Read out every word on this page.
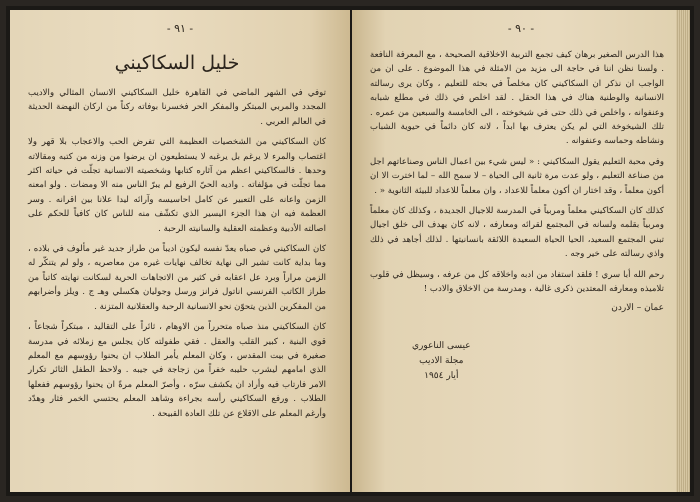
- ٩١ -
خليل السكاكيني

توفي في الشهر الماضي في القاهرة خليل السكاكيني الانسان المثالي والاديب المجدد والمربي المبتكر والمفكر الحر فخسرنا بوفاته ركناً من اركان النهضة الحديثة في العالم العربي .

كان السكاكيني من الشخصيات العظيمة التي تفرض الحب والاعجاب بلا قهر ولا اغتصاب والمرء لا يرغم بل يرغبه لا يستطيعون ان يرضوا من وزنه من كتبه ومقالاته وحدها . فالسكاكيني اعظم من آثاره كتابها وشخصيته الانسانية تجلّت في حياته اكثر مما تجلّت في مؤلفاته . واديه الحيّ الرفيع لم يبرّ الناس منه الا ومضات . ولو امعنه الزمن واعانه على التعبير عن كامل احاسيسه وآرائه ليدا علانا بين اقرانه . وسر العظمة فيه ان هذا الجزء اليسير الذي تكشّف منه للناس كان كافياً للحكم على اصالته الأدبية وعظمته العقلية والسانيته الرحبة .

كان السكاكيني في صباه يعدّ نفسه ليكون اديباً من طراز جديد غير مألوف في بلاده ، وما بداية كانت تشير الى نهاية تخالف نهايات غيره من معاصريه ، ولو لم يتنكّر له الزمن مراراً وبرد عل اعقابه في كثير من الاتجاهات الحرية لسكانت نهايته كاتباً من طراز الكاتب الفرنسي اناتول فرانز ورسل وجوليان هكسلي وهـ ج . ويلز وأضرابهم من المفكرين الذين يتحوّن نحو الانسانية الرحبة والعقلانية المتزنة .

كان السكاكيني منذ صباه متحرراً من الاوهام ، ثائراً على التقاليد ، مبتكراً شجاعاً ، قوي البنية ، كبير القلب والعقل . فقي طفولته كان يجلس مع زملائه في مدرسة صغيرة في بيت المقدس ، وكان المعلم يأمر الطلاب ان يحنوا رؤوسهم مع المعلم الذي امامهم ليشرب حليبه خفراً من زجاجة في جيبه . ولاحظ الطفل الثائر تكرار الامر فارتاب فيه وأراد ان يكشف سرّه ، وأصرّ المعلم مرةً ان يحنوا رؤوسهم ففعلها الطلاب . ورفع السكاكيني رأسه بجراءة وشاهد المعلم يحتسي الخمر فثار وهدّد وأرغم المعلم على الاقلاع عن تلك العادة القبيحة .

- ٩٠ -

هذا الدرس الصغير برهان كيف تجمع التربية الاخلاقية الصحيحة ، مع المعرفة النافعة . ولسنا نظن اننا في حاجة الى مزيد من الامثلة في هذا الموضوع . على ان من الواجب ان نذكر ان السكاكيني كان مخلصاً في بحثه للتعليم ، وكان يرى رسالته الانسانية والوطنية هناك في هذا الحقل . لقد اخلص في ذلك في مطلع شبابه وعنفوانه ، واخلص في ذلك حتى في شيخوخته ، الى الخامسة والسبعين من عمره . تلك الشيخوخة التي لم يكن يعترف بها ابداً ، لانه كان دائماً في حيوية الشباب ونشاطه وحماسه وعنفوانه .

وفي محبة التعليم يقول السكاكيني : « ليس شيء بين اعمال الناس وصناعاتهم اجل من صناعة التعليم ، ولو عدت مرة ثانية الى الحياة – لا سمح الله – لما اخترت الا ان أكون معلماً ، وقد اختار ان أكون معلماً للاعداد ، وان معلماً للاعداد للبيئة الثانوية « .

كذلك كان السكاكيني معلماً ومربياً في المدرسة للاجيال الجديدة ، وكذلك كان معلماً ومربياً بقلمه ولسانه في المجتمع لقرائه ومعارفه ، لانه كان يهدف الى خلق اجيال تبني المجتمع السعيد، الحيا الحياة السعيدة اللائقة بانسانيتها . لذلك أجاهد في ذلك واذي رسالته على خير وجه .

رحم الله أبا سري ! فلقد استفاد من ادبه واخلاقه كل من عرفه ، وسيظل في قلوب تلاميذه ومعارفه المعتدين ذكرى غالية ، ومدرسة من الاخلاق والادب !

عمان – الاردن
عيسى الناعوري
مجلة الاديب
أيار ١٩٥٤
